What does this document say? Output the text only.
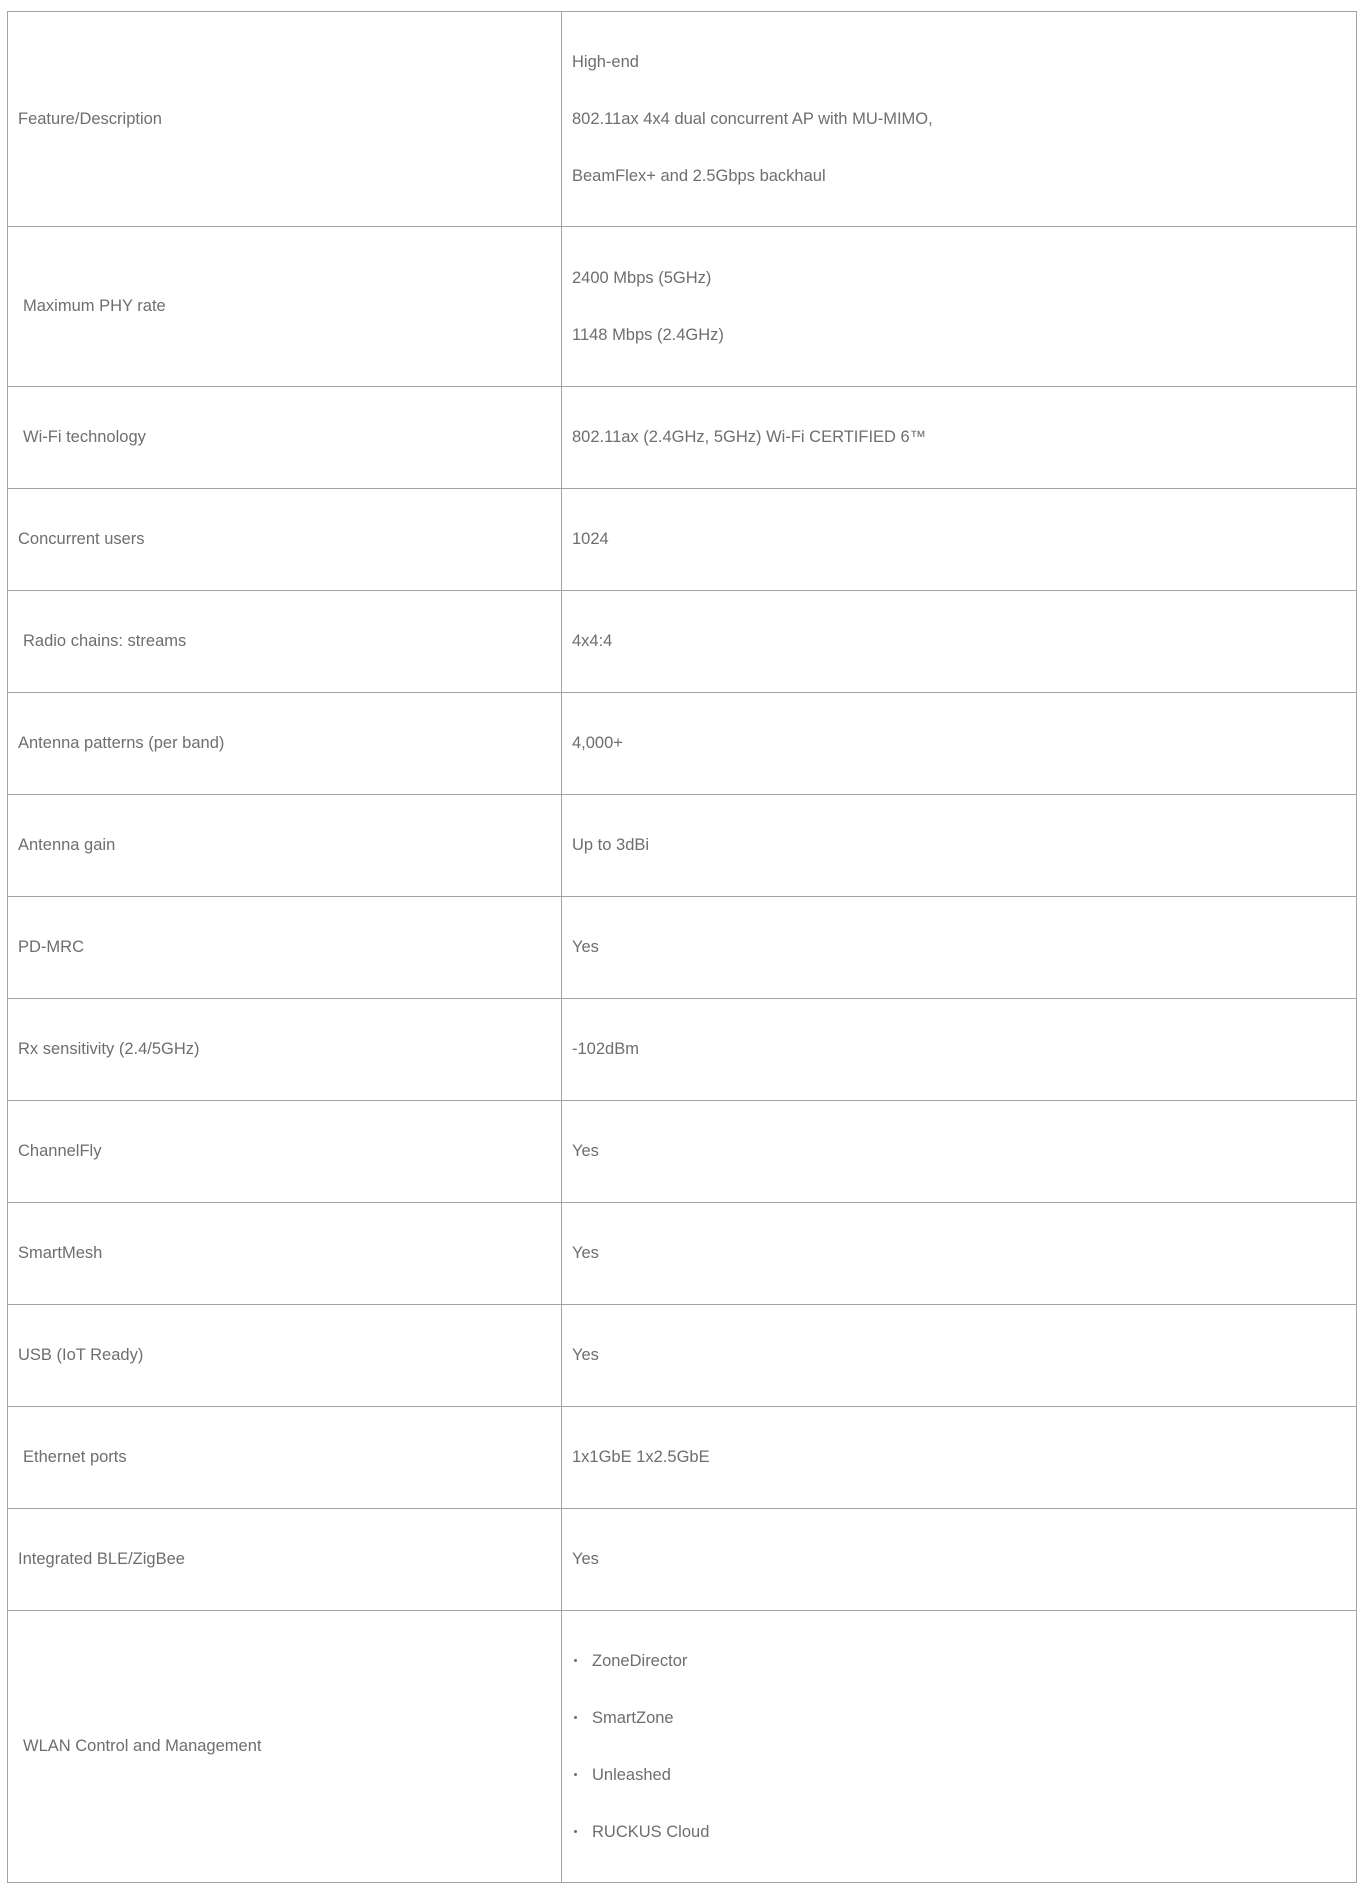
Feature/Description	High-end
802.11ax 4x4 dual concurrent AP with MU-MIMO,
BeamFlex+ and 2.5Gbps backhaul

Maximum PHY rate	2400 Mbps (5GHz)
1148 Mbps (2.4GHz)

Wi-Fi technology	802.11ax (2.4GHz, 5GHz) Wi-Fi CERTIFIED 6™
Concurrent users	1024
Radio chains: streams	4x4:4
Antenna patterns (per band)	4,000+
Antenna gain	Up to 3dBi
PD-MRC	Yes
Rx sensitivity (2.4/5GHz)	-102dBm
ChannelFly	Yes
SmartMesh	Yes
USB (IoT Ready)	Yes
Ethernet ports	1x1GbE 1x2.5GbE
Integrated BLE/ZigBee	Yes
WLAN Control and Management	ZoneDirector
SmartZone
Unleashed
RUCKUS Cloud
